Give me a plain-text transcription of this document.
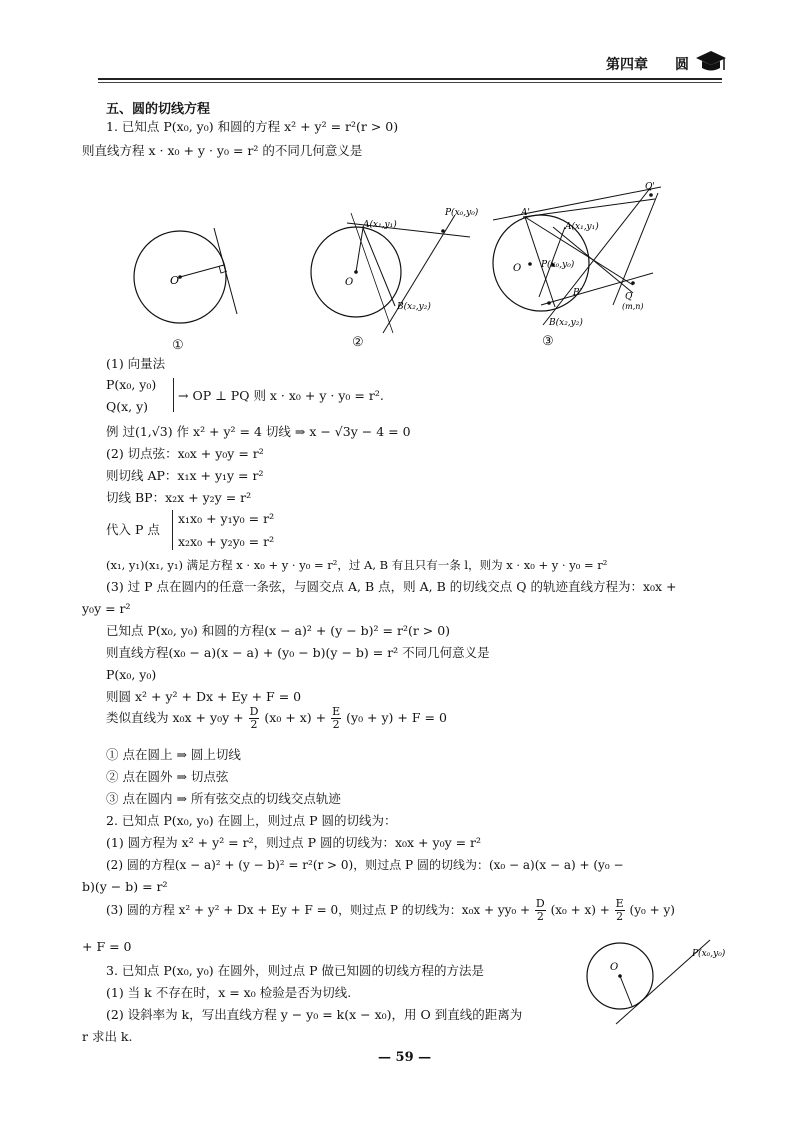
第四章 圆
五、圆的切线方程
1. 已知点 P(x₀, y₀) 和圆的方程 x² + y² = r²(r > 0)
则直线方程 x · x₀ + y · y₀ = r² 的不同几何意义是
O
①
O
A(x₁,y₁)
B(x₂,y₂)
P(x₀,y₀)
②
O
A(x₁,y₁)
B(x₂,y₂)
P(x₀,y₀)
A'
B'	Q
(m,n)
Q'
③
(1) 向量法
P(x₀, y₀)
Q(x, y)
→ OP ⊥ PQ 则 x · x₀ + y · y₀ = r².
例 过(1,√3) 作 x² + y² = 4 切线 ⇒ x − √3y − 4 = 0
(2) 切点弦：x₀x + y₀y = r²
则切线 AP：x₁x + y₁y = r²
切线 BP：x₂x + y₂y = r²
代入 P 点
x₁x₀ + y₁y₀ = r²
x₂x₀ + y₂y₀ = r²
(x₁, y₁)(x₁, y₁) 满足方程 x · x₀ + y · y₀ = r²，过 A, B 有且只有一条 l，则为 x · x₀ + y · y₀ = r²
(3) 过 P 点在圆内的任意一条弦，与圆交点 A, B 点，则 A, B 的切线交点 Q 的轨迹直线方程为：x₀x +
y₀y = r²
已知点 P(x₀, y₀) 和圆的方程(x − a)² + (y − b)² = r²(r > 0)
则直线方程(x₀ − a)(x − a) + (y₀ − b)(y − b) = r² 不同几何意义是
P(x₀, y₀)
则圆 x² + y² + Dx + Ey + F = 0
类似直线为 $x_0x + y_0y + \frac{D}{2} (x_0 + x) + \frac{E}{2} (y_0 + y) + F = 0$
① 点在圆上 ⇒ 圆上切线
② 点在圆外 ⇒ 切点弦
③ 点在圆内 ⇒ 所有弦交点的切线交点轨迹
2. 已知点 P(x₀, y₀) 在圆上，则过点 P 圆的切线为：
(1) 圆方程为 x² + y² = r²，则过点 P 圆的切线为：x₀x + y₀y = r²
(2) 圆的方程(x − a)² + (y − b)² = r²(r > 0)，则过点 P 圆的切线为：(x₀ − a)(x − a) + (y₀ −
b)(y − b) = r²
(3) 圆的方程 x² + y² + Dx + Ey + F = 0，则过点 P 的切线为：$x_0x + yy_0 + \frac{D}{2} (x_0 + x) + \frac{E}{2} (y_0 + y)$
+ F = 0
3. 已知点 P(x₀, y₀) 在圆外，则过点 P 做已知圆的切线方程的方法是
(1) 当 k 不存在时，x = x₀ 检验是否为切线.
(2) 设斜率为 k，写出直线方程 y − y₀ = k(x − x₀)，用 O 到直线的距离为
r 求出 k.
O
P(x₀,y₀)
— 59 —
